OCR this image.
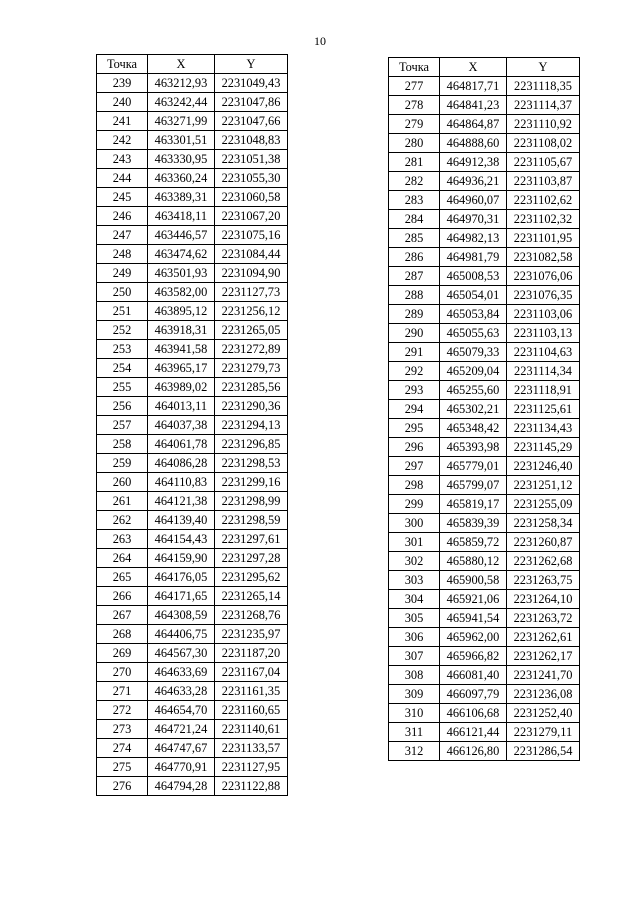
10
Точка	X	Y
239	463212,93	2231049,43
240	463242,44	2231047,86
241	463271,99	2231047,66
242	463301,51	2231048,83
243	463330,95	2231051,38
244	463360,24	2231055,30
245	463389,31	2231060,58
246	463418,11	2231067,20
247	463446,57	2231075,16
248	463474,62	2231084,44
249	463501,93	2231094,90
250	463582,00	2231127,73
251	463895,12	2231256,12
252	463918,31	2231265,05
253	463941,58	2231272,89
254	463965,17	2231279,73
255	463989,02	2231285,56
256	464013,11	2231290,36
257	464037,38	2231294,13
258	464061,78	2231296,85
259	464086,28	2231298,53
260	464110,83	2231299,16
261	464121,38	2231298,99
262	464139,40	2231298,59
263	464154,43	2231297,61
264	464159,90	2231297,28
265	464176,05	2231295,62
266	464171,65	2231265,14
267	464308,59	2231268,76
268	464406,75	2231235,97
269	464567,30	2231187,20
270	464633,69	2231167,04
271	464633,28	2231161,35
272	464654,70	2231160,65
273	464721,24	2231140,61
274	464747,67	2231133,57
275	464770,91	2231127,95
276	464794,28	2231122,88
Точка	X	Y
277	464817,71	2231118,35
278	464841,23	2231114,37
279	464864,87	2231110,92
280	464888,60	2231108,02
281	464912,38	2231105,67
282	464936,21	2231103,87
283	464960,07	2231102,62
284	464970,31	2231102,32
285	464982,13	2231101,95
286	464981,79	2231082,58
287	465008,53	2231076,06
288	465054,01	2231076,35
289	465053,84	2231103,06
290	465055,63	2231103,13
291	465079,33	2231104,63
292	465209,04	2231114,34
293	465255,60	2231118,91
294	465302,21	2231125,61
295	465348,42	2231134,43
296	465393,98	2231145,29
297	465779,01	2231246,40
298	465799,07	2231251,12
299	465819,17	2231255,09
300	465839,39	2231258,34
301	465859,72	2231260,87
302	465880,12	2231262,68
303	465900,58	2231263,75
304	465921,06	2231264,10
305	465941,54	2231263,72
306	465962,00	2231262,61
307	465966,82	2231262,17
308	466081,40	2231241,70
309	466097,79	2231236,08
310	466106,68	2231252,40
311	466121,44	2231279,11
312	466126,80	2231286,54
